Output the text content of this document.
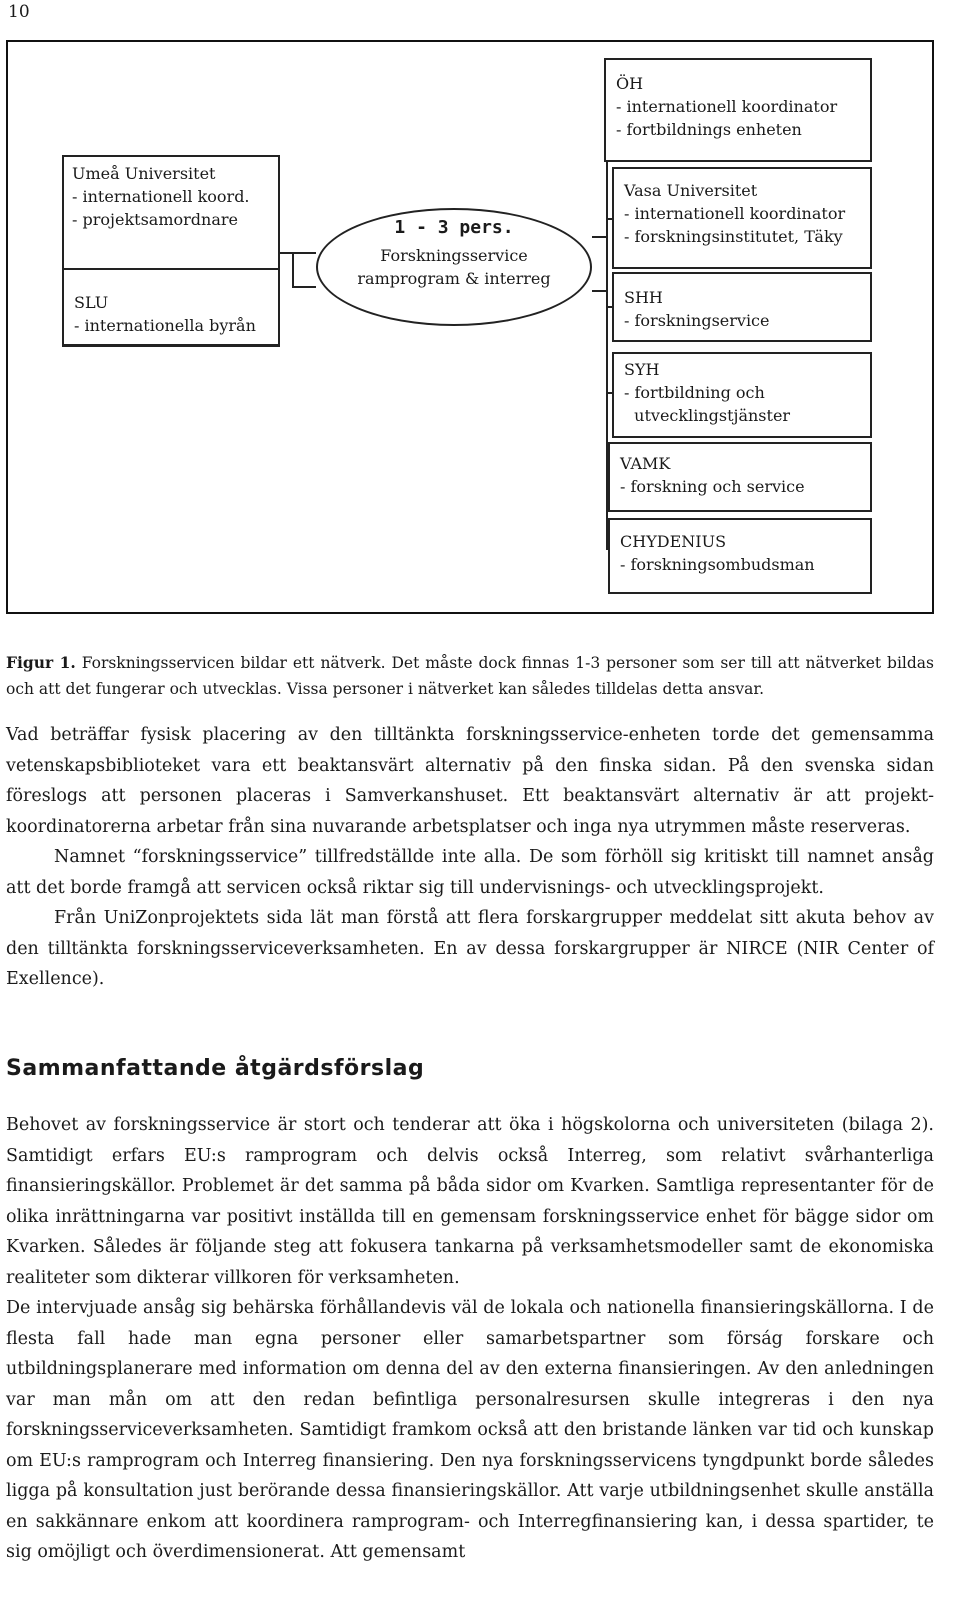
10
Umeå Universitet
- internationell koord.
- projektsamordnare
SLU
- internationella byrån
1 - 3 pers.
Forskningsservice
ramprogram & interreg
ÖH
- internationell koordinator
- fortbildnings enheten
Vasa Universitet
- internationell koordinator
- forskningsinstitutet, Täky
SHH
- forskningservice
SYH
- fortbildning och
utvecklingstjänster
VAMK
- forskning och service
CHYDENIUS
- forskningsombudsman
Figur 1. Forskningsservicen bildar ett nätverk. Det måste dock finnas 1-3 personer som ser till att nätverket bildas och att det fungerar och utvecklas. Vissa personer i nätverket kan således tilldelas detta ansvar.

Vad beträffar fysisk placering av den tilltänkta forskningsservice-enheten torde det gemensamma vetenskapsbiblioteket vara ett beaktansvärt alternativ på den finska sidan. På den svenska sidan föreslogs att personen placeras i Samverkanshuset. Ett beaktansvärt alternativ är att projekt-koordinatorerna arbetar från sina nuvarande arbetsplatser och inga nya utrymmen måste reserveras.

Namnet “forskningsservice” tillfredställde inte alla. De som förhöll sig kritiskt till namnet ansåg att det borde framgå att servicen också riktar sig till undervisnings- och utvecklingsprojekt.

Från UniZonprojektets sida lät man förstå att flera forskargrupper meddelat sitt akuta behov av den tilltänkta forskningsserviceverksamheten. En av dessa forskargrupper är NIRCE (NIR Center of Exellence).

Sammanfattande åtgärdsförslag

Behovet av forskningsservice är stort och tenderar att öka i högskolorna och universiteten (bilaga 2). Samtidigt erfars EU:s ramprogram och delvis också Interreg, som relativt svårhanterliga finansieringskällor. Problemet är det samma på båda sidor om Kvarken. Samtliga representanter för de olika inrättningarna var positivt inställda till en gemensam forskningsservice enhet för bägge sidor om Kvarken. Således är följande steg att fokusera tankarna på verksamhetsmodeller samt de ekonomiska realiteter som dikterar villkoren för verksamheten.

De intervjuade ansåg sig behärska förhållandevis väl de lokala och nationella finansieringskällorna. I de flesta fall hade man egna personer eller samarbetspartner som förság forskare och utbildningsplanerare med information om denna del av den externa finansieringen. Av den anledningen var man mån om att den redan befintliga personalresursen skulle integreras i den nya forskningsserviceverksamheten. Samtidigt framkom också att den bristande länken var tid och kunskap om EU:s ramprogram och Interreg finansiering. Den nya forskningsservicens tyngdpunkt borde således ligga på konsultation just berörande dessa finansieringskällor. Att varje utbildningsenhet skulle anställa en sakkännare enkom att koordinera ramprogram- och Interregfinansiering kan, i dessa spartider, te sig omöjligt och överdimensionerat. Att gemensamt
